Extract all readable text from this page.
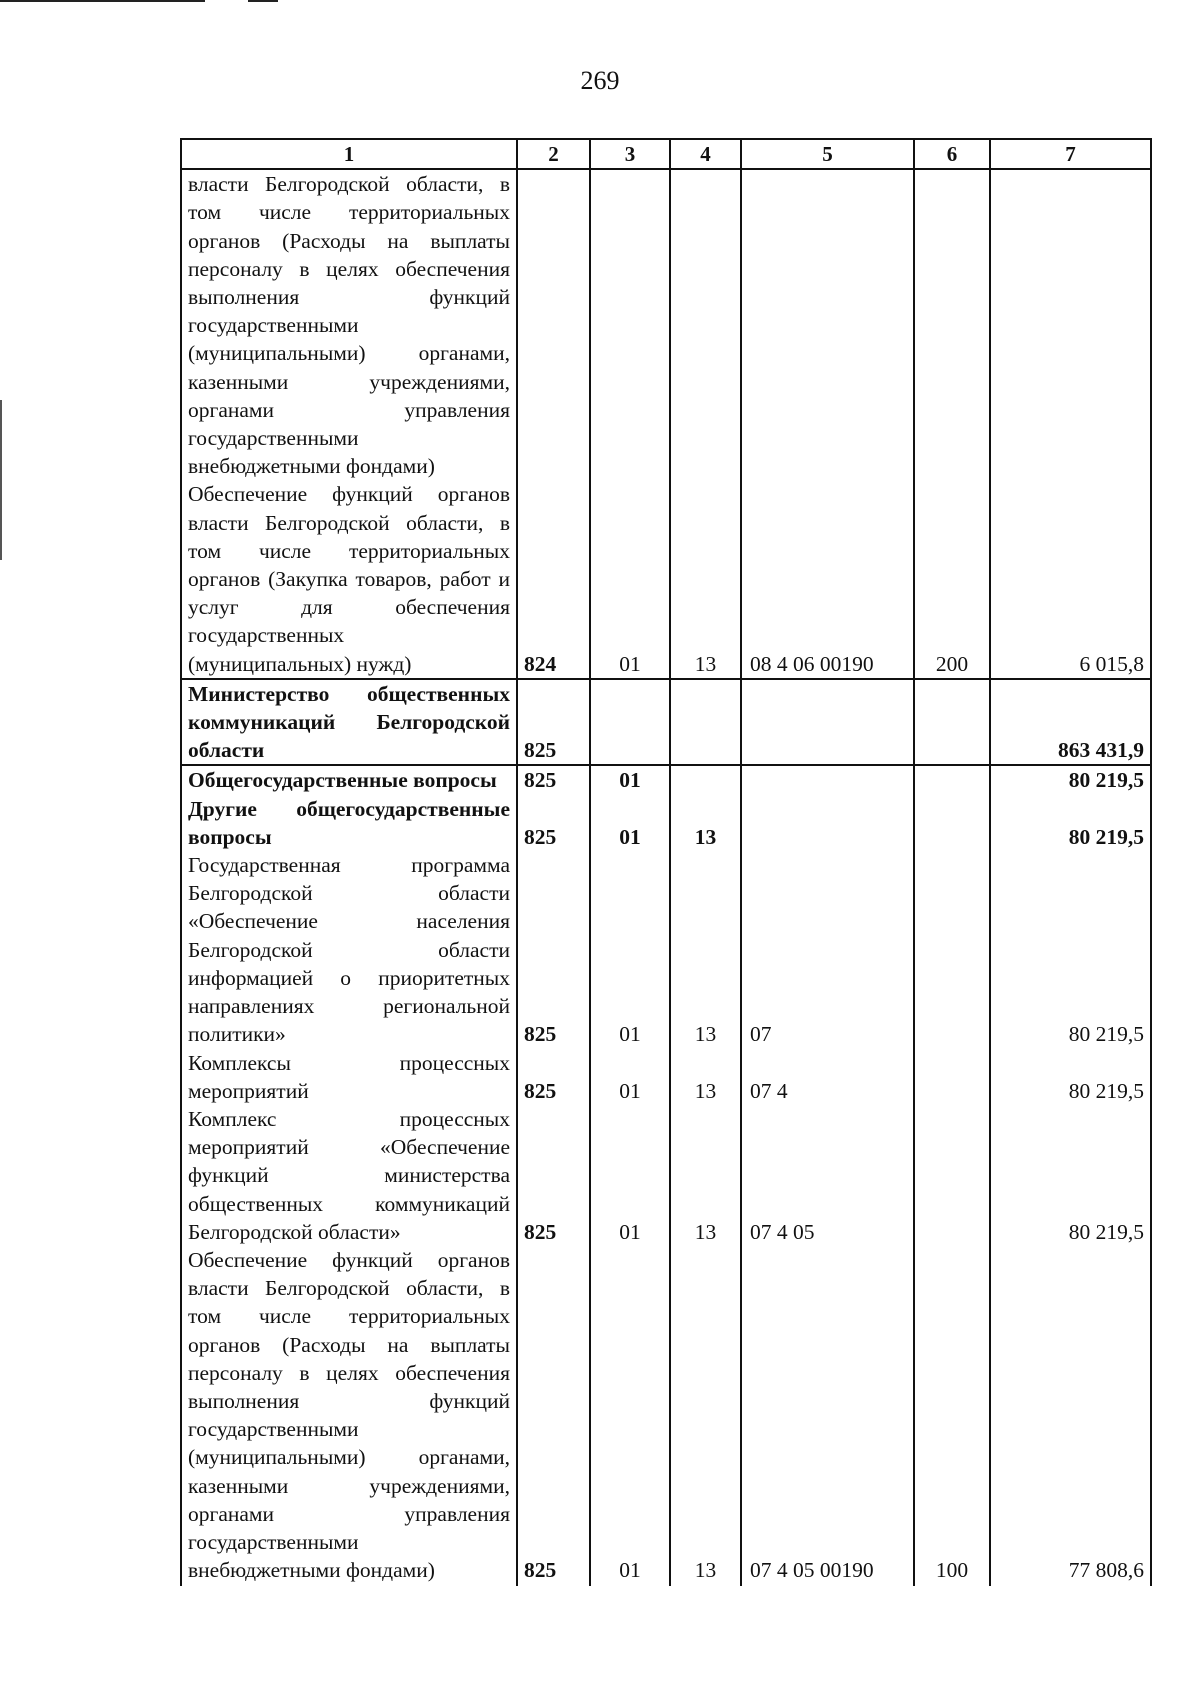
269
1	2	3	4	5	6	7
власти Белгородской области, в том числе территориальных органов (Расходы на выплаты персоналу в целях обеспечения выполнения функций государственными (муниципальными) органами, казенными учреждениями, органами управления государственными внебюджетными фондами)						
Обеспечение функций органов власти Белгородской области, в том числе территориальных органов (Закупка товаров, работ и услуг для обеспечения государственных (муниципальных) нужд)	824	01	13	08 4 06 00190	200	6 015,8
Министерство общественных коммуникаций Белгородской области	825					863 431,9
Общегосударственные вопросы	825	01				80 219,5
Другие общегосударственные вопросы	825	01	13			80 219,5
Государственная программа Белгородской области «Обеспечение населения Белгородской области информацией о приоритетных направлениях региональной политики»	825	01	13	07		80 219,5
Комплексы процессных мероприятий	825	01	13	07 4		80 219,5
Комплекс процессных мероприятий «Обеспечение функций министерства общественных коммуникаций Белгородской области»	825	01	13	07 4 05		80 219,5
Обеспечение функций органов власти Белгородской области, в том числе территориальных органов (Расходы на выплаты персоналу в целях обеспечения выполнения функций государственными (муниципальными) органами, казенными учреждениями, органами управления государственными внебюджетными фондами)	825	01	13	07 4 05 00190	100	77 808,6
